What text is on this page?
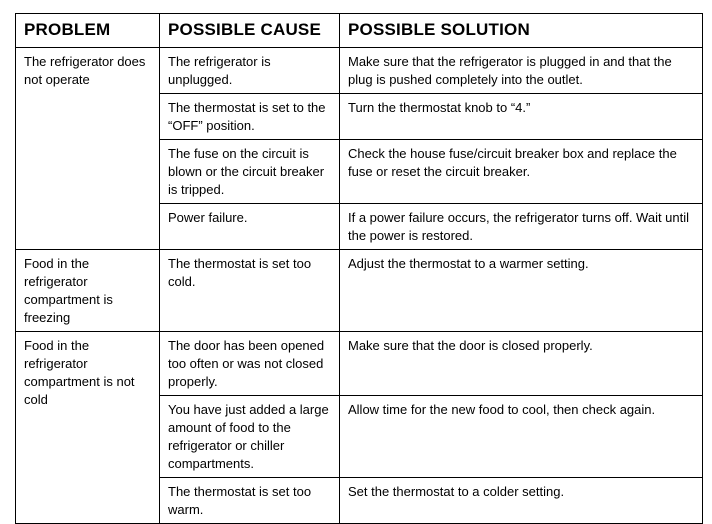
PROBLEM	POSSIBLE CAUSE	POSSIBLE SOLUTION

The refrigerator does not operate	The refrigerator is unplugged.	Make sure that the refrigerator is plugged in and that the plug is pushed completely into the outlet.

	The thermostat is set to the “OFF” position.	Turn the thermostat knob to “4.”

	The fuse on the circuit is blown or the circuit breaker is tripped.	Check the house fuse/circuit breaker box and replace the fuse or reset the circuit breaker.

	Power failure.	If a power failure occurs, the refrigerator turns off. Wait until the power is restored.

Food in the refrigerator compartment is freezing	The thermostat is set too cold.	Adjust the thermostat to a warmer setting.

Food in the refrigerator compartment is not cold	The door has been opened too often or was not closed properly.	Make sure that the door is closed properly.

	You have just added a large amount of food to the refrigerator or chiller compartments.	Allow time for the new food to cool, then check again.

	The thermostat is set too warm.	Set the thermostat to a colder setting.
